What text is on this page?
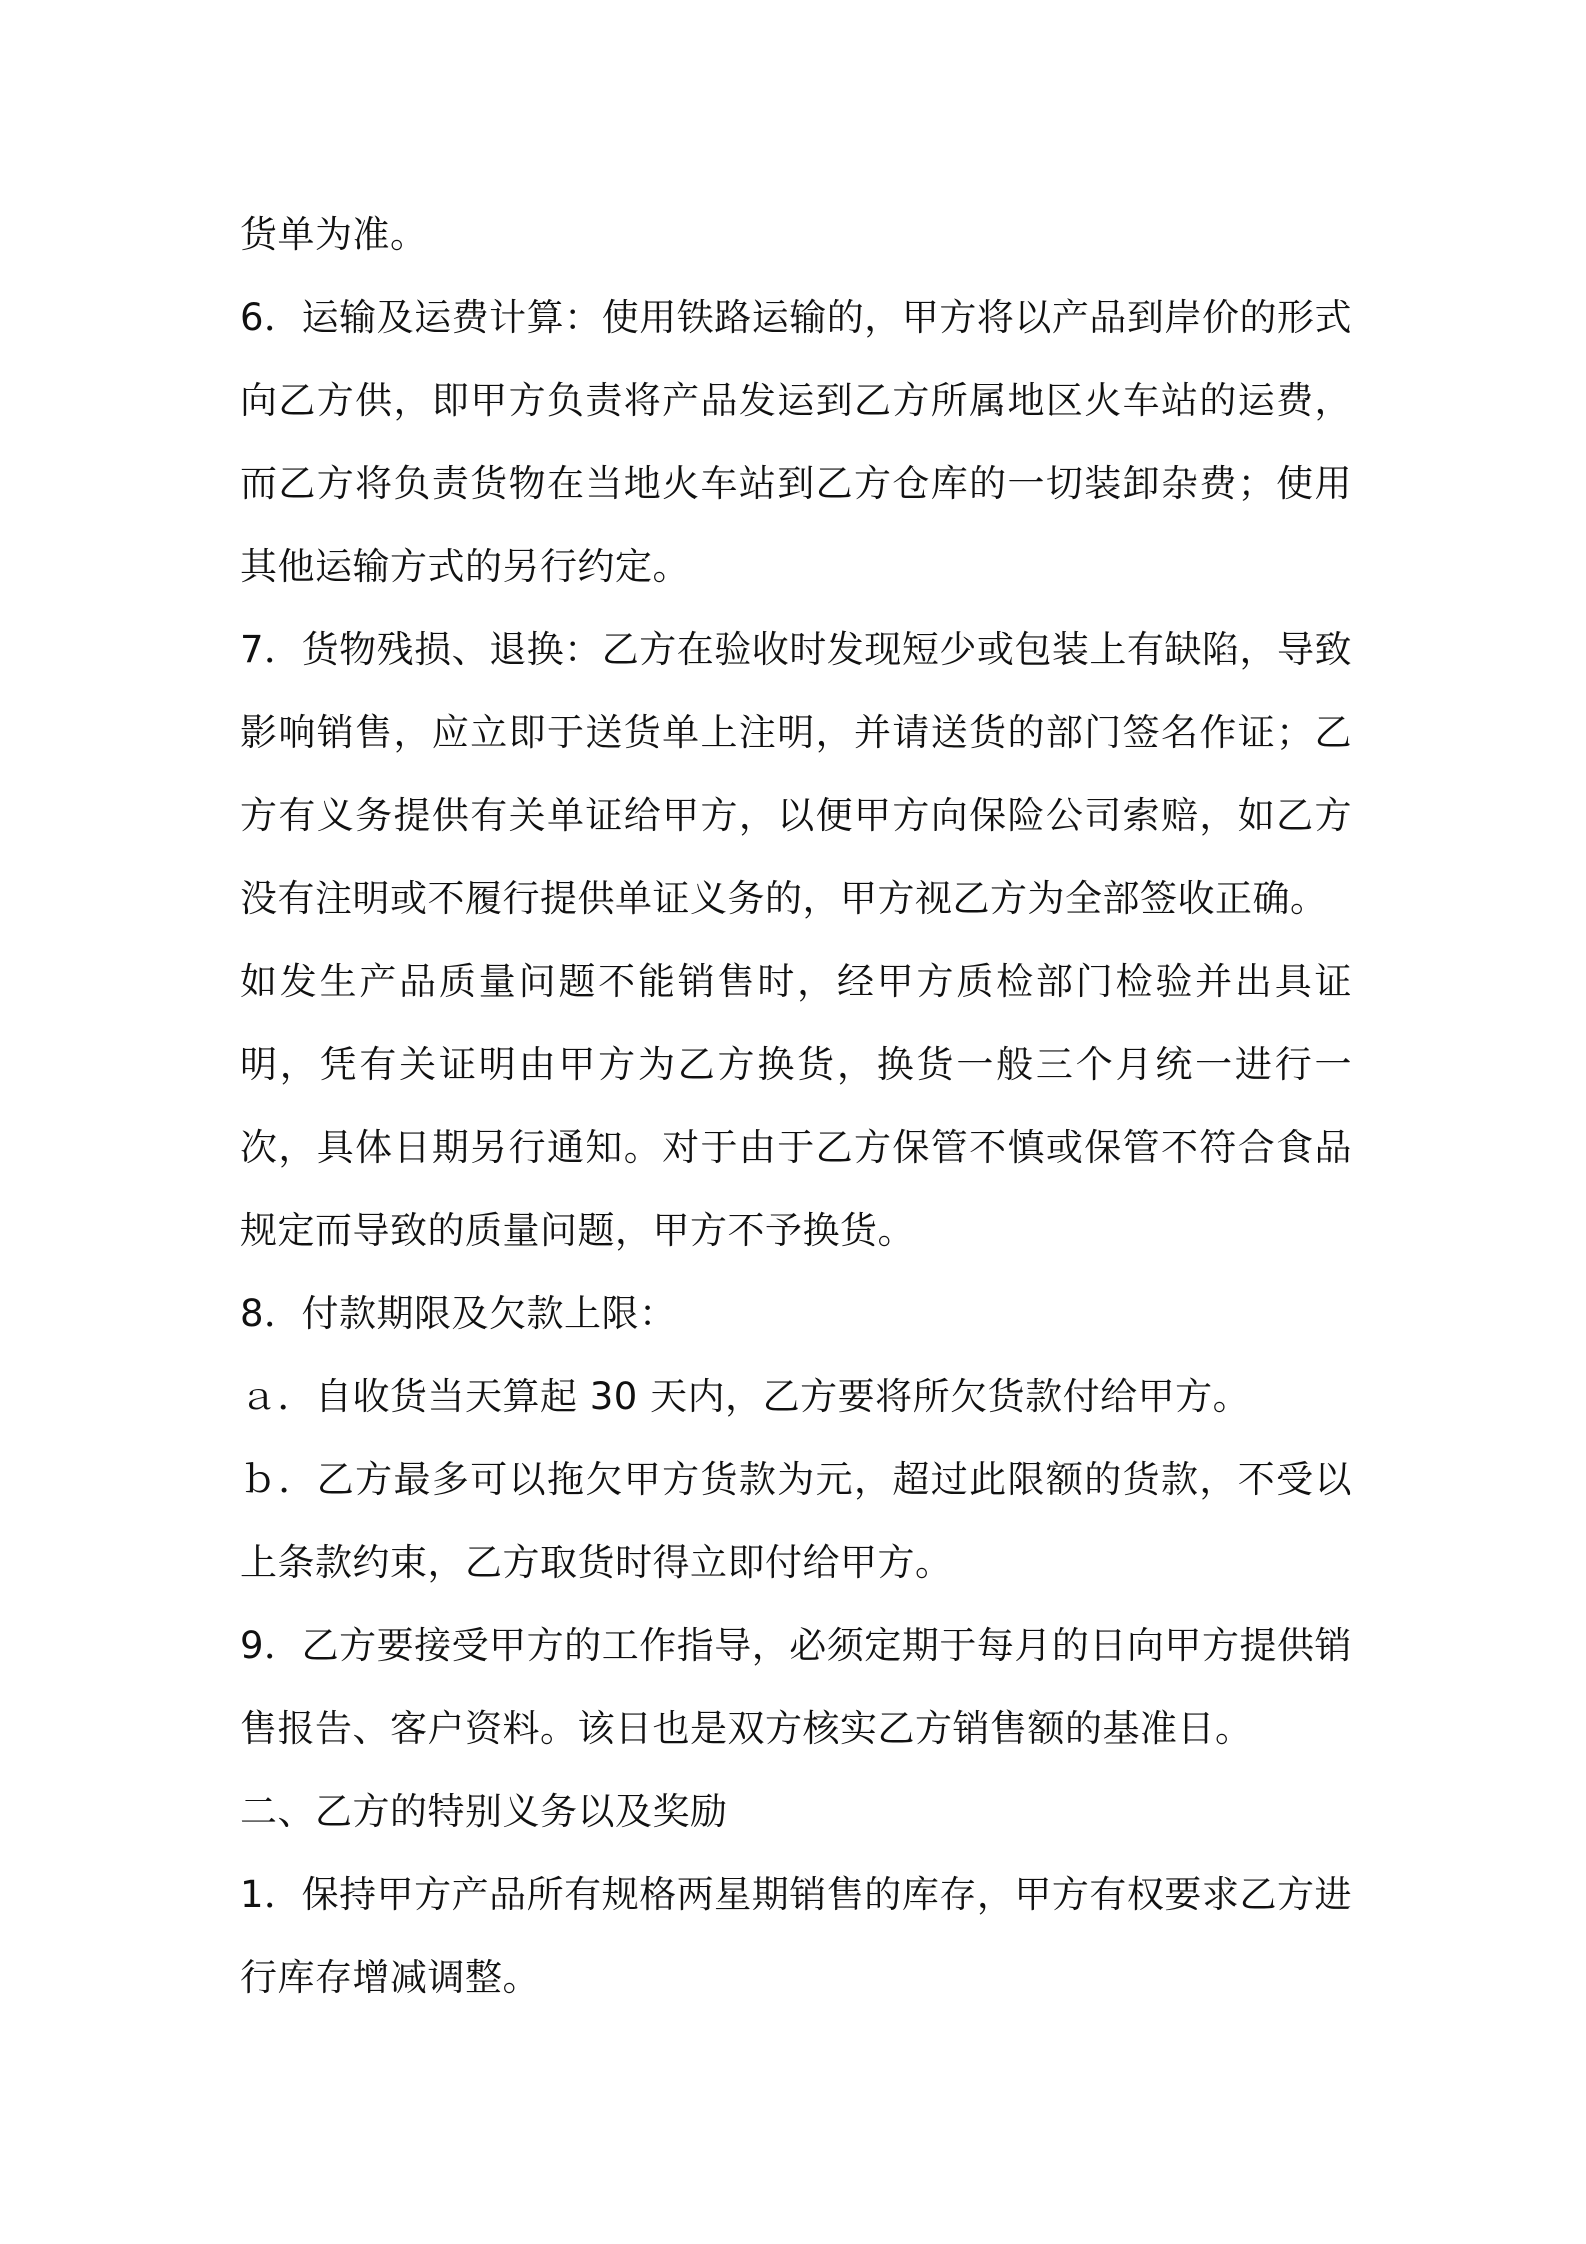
货单为准。

6．运输及运费计算：使用铁路运输的，甲方将以产品到岸价的形式向乙方供，即甲方负责将产品发运到乙方所属地区火车站的运费，而乙方将负责货物在当地火车站到乙方仓库的一切装卸杂费；使用其他运输方式的另行约定。

7．货物残损、退换：乙方在验收时发现短少或包装上有缺陷，导致影响销售，应立即于送货单上注明，并请送货的部门签名作证；乙方有义务提供有关单证给甲方，以便甲方向保险公司索赔，如乙方没有注明或不履行提供单证义务的，甲方视乙方为全部签收正确。

如发生产品质量问题不能销售时，经甲方质检部门检验并出具证明，凭有关证明由甲方为乙方换货，换货一般三个月统一进行一次，具体日期另行通知。对于由于乙方保管不慎或保管不符合食品规定而导致的质量问题，甲方不予换货。

8．付款期限及欠款上限：

ａ．自收货当天算起 30 天内，乙方要将所欠货款付给甲方。

ｂ．乙方最多可以拖欠甲方货款为元，超过此限额的货款，不受以上条款约束，乙方取货时得立即付给甲方。

9．乙方要接受甲方的工作指导，必须定期于每月的日向甲方提供销售报告、客户资料。该日也是双方核实乙方销售额的基准日。

二、乙方的特别义务以及奖励

1．保持甲方产品所有规格两星期销售的库存，甲方有权要求乙方进行库存增减调整。
